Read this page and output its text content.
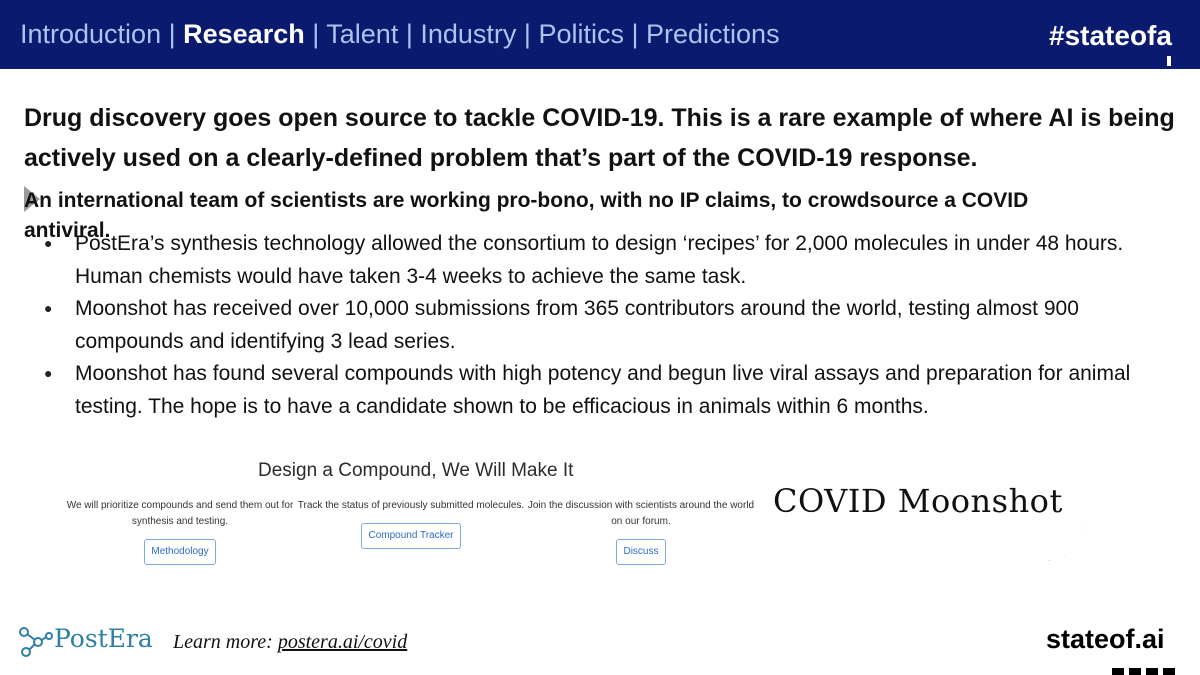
Introduction | Research | Talent | Industry | Politics | Predictions	#stateofa
Drug discovery goes open source to tackle COVID-19. This is a rare example of where AI is being actively used on a clearly-defined problem that’s part of the COVID-19 response.
An international team of scientists are working pro-bono, with no IP claims, to crowdsource a COVID antiviral.
● PostEra’s synthesis technology allowed the consortium to design ‘recipes’ for 2,000 molecules in under 48 hours. Human chemists would have taken 3-4 weeks to achieve the same task.
● Moonshot has received over 10,000 submissions from 365 contributors around the world, testing almost 900 compounds and identifying 3 lead series.
● Moonshot has found several compounds with high potency and begun live viral assays and preparation for animal testing. The hope is to have a candidate shown to be efficacious in animals within 6 months.
Design a Compound, We Will Make It
We will prioritize compounds and send them out for synthesis and testing.
Methodology
Track the status of previously submitted molecules.
Compound Tracker
Join the discussion with scientists around the world on our forum.
Discuss
COVID Moonshot
PostEra Learn more: postera.ai/covid	stateof.ai
